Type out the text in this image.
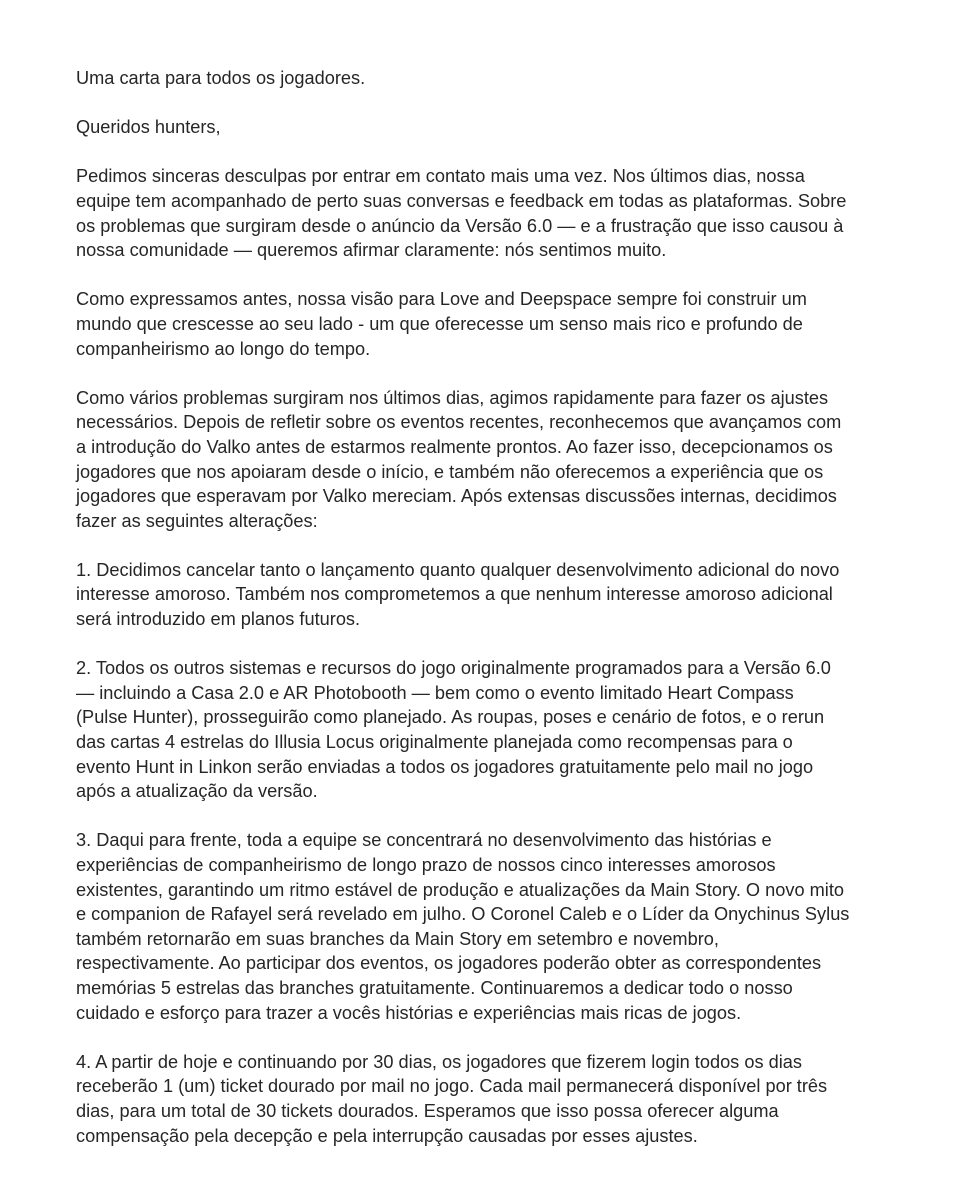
Uma carta para todos os jogadores.

Queridos hunters,

Pedimos sinceras desculpas por entrar em contato mais uma vez. Nos últimos dias, nossa
equipe tem acompanhado de perto suas conversas e feedback em todas as plataformas. Sobre
os problemas que surgiram desde o anúncio da Versão 6.0 — e a frustração que isso causou à
nossa comunidade — queremos afirmar claramente: nós sentimos muito.

Como expressamos antes, nossa visão para Love and Deepspace sempre foi construir um
mundo que crescesse ao seu lado - um que oferecesse um senso mais rico e profundo de
companheirismo ao longo do tempo.

Como vários problemas surgiram nos últimos dias, agimos rapidamente para fazer os ajustes
necessários. Depois de refletir sobre os eventos recentes, reconhecemos que avançamos com
a introdução do Valko antes de estarmos realmente prontos. Ao fazer isso, decepcionamos os
jogadores que nos apoiaram desde o início, e também não oferecemos a experiência que os
jogadores que esperavam por Valko mereciam. Após extensas discussões internas, decidimos
fazer as seguintes alterações:

1. Decidimos cancelar tanto o lançamento quanto qualquer desenvolvimento adicional do novo
interesse amoroso. Também nos comprometemos a que nenhum interesse amoroso adicional
será introduzido em planos futuros.

2. Todos os outros sistemas e recursos do jogo originalmente programados para a Versão 6.0
— incluindo a Casa 2.0 e AR Photobooth — bem como o evento limitado Heart Compass
(Pulse Hunter), prosseguirão como planejado. As roupas, poses e cenário de fotos, e o rerun
das cartas 4 estrelas do Illusia Locus originalmente planejada como recompensas para o
evento Hunt in Linkon serão enviadas a todos os jogadores gratuitamente pelo mail no jogo
após a atualização da versão.

3. Daqui para frente, toda a equipe se concentrará no desenvolvimento das histórias e
experiências de companheirismo de longo prazo de nossos cinco interesses amorosos
existentes, garantindo um ritmo estável de produção e atualizações da Main Story. O novo mito
e companion de Rafayel será revelado em julho. O Coronel Caleb e o Líder da Onychinus Sylus
também retornarão em suas branches da Main Story em setembro e novembro,
respectivamente. Ao participar dos eventos, os jogadores poderão obter as correspondentes
memórias 5 estrelas das branches gratuitamente. Continuaremos a dedicar todo o nosso
cuidado e esforço para trazer a vocês histórias e experiências mais ricas de jogos.

4. A partir de hoje e continuando por 30 dias, os jogadores que fizerem login todos os dias
receberão 1 (um) ticket dourado por mail no jogo. Cada mail permanecerá disponível por três
dias, para um total de 30 tickets dourados. Esperamos que isso possa oferecer alguma
compensação pela decepção e pela interrupção causadas por esses ajustes.
